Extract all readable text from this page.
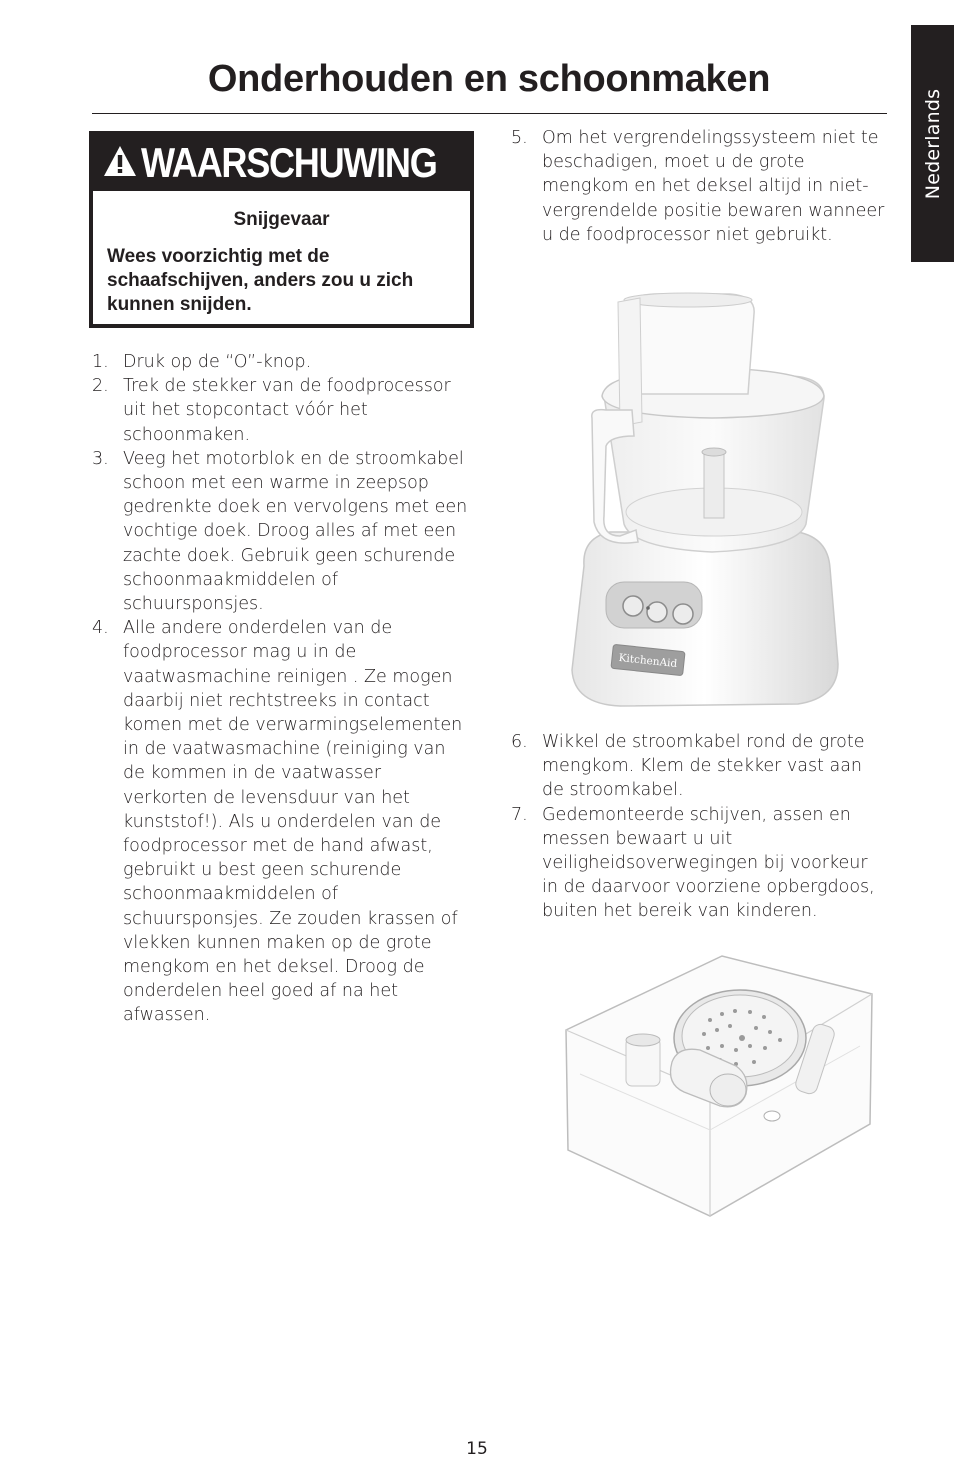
Nederlands
Onderhouden en schoonmaken
WAARSCHUWING
Snijgevaar
Wees voorzichtig met de schaafschijven, anders zou u zich kunnen snijden.
1. Druk op de “O”-knop.
2. Trek de stekker van de foodprocessor uit het stopcontact vóór het schoonmaken.
3. Veeg het motorblok en de stroomkabel schoon met een warme in zeepsop gedrenkte doek en vervolgens met een vochtige doek. Droog alles af met een zachte doek. Gebruik geen schurende schoonmaakmiddelen of schuursponsjes.
4. Alle andere onderdelen van de foodprocessor mag u in de vaatwasmachine reinigen . Ze mogen daarbij niet rechtstreeks in contact komen met de verwarmingselementen in de vaatwasmachine (reiniging van de kommen in de vaatwasser verkorten de levensduur van het kunststof!). Als u onderdelen van de foodprocessor met de hand afwast, gebruikt u best geen schurende schoonmaakmiddelen of schuursponsjes. Ze zouden krassen of vlekken kunnen maken op de grote mengkom en het deksel. Droog de onderdelen heel goed af na het afwassen.
5. Om het vergrendelingssysteem niet te beschadigen, moet u de grote mengkom en het deksel altijd in niet-vergrendelde positie bewaren wanneer u de foodprocessor niet gebruikt.
KitchenAid
6. Wikkel de stroomkabel rond de grote mengkom. Klem de stekker vast aan de stroomkabel.
7. Gedemonteerde schijven, assen en messen bewaart u uit veiligheidsoverwegingen bij voorkeur in de daarvoor voorziene opbergdoos, buiten het bereik van kinderen.
15
